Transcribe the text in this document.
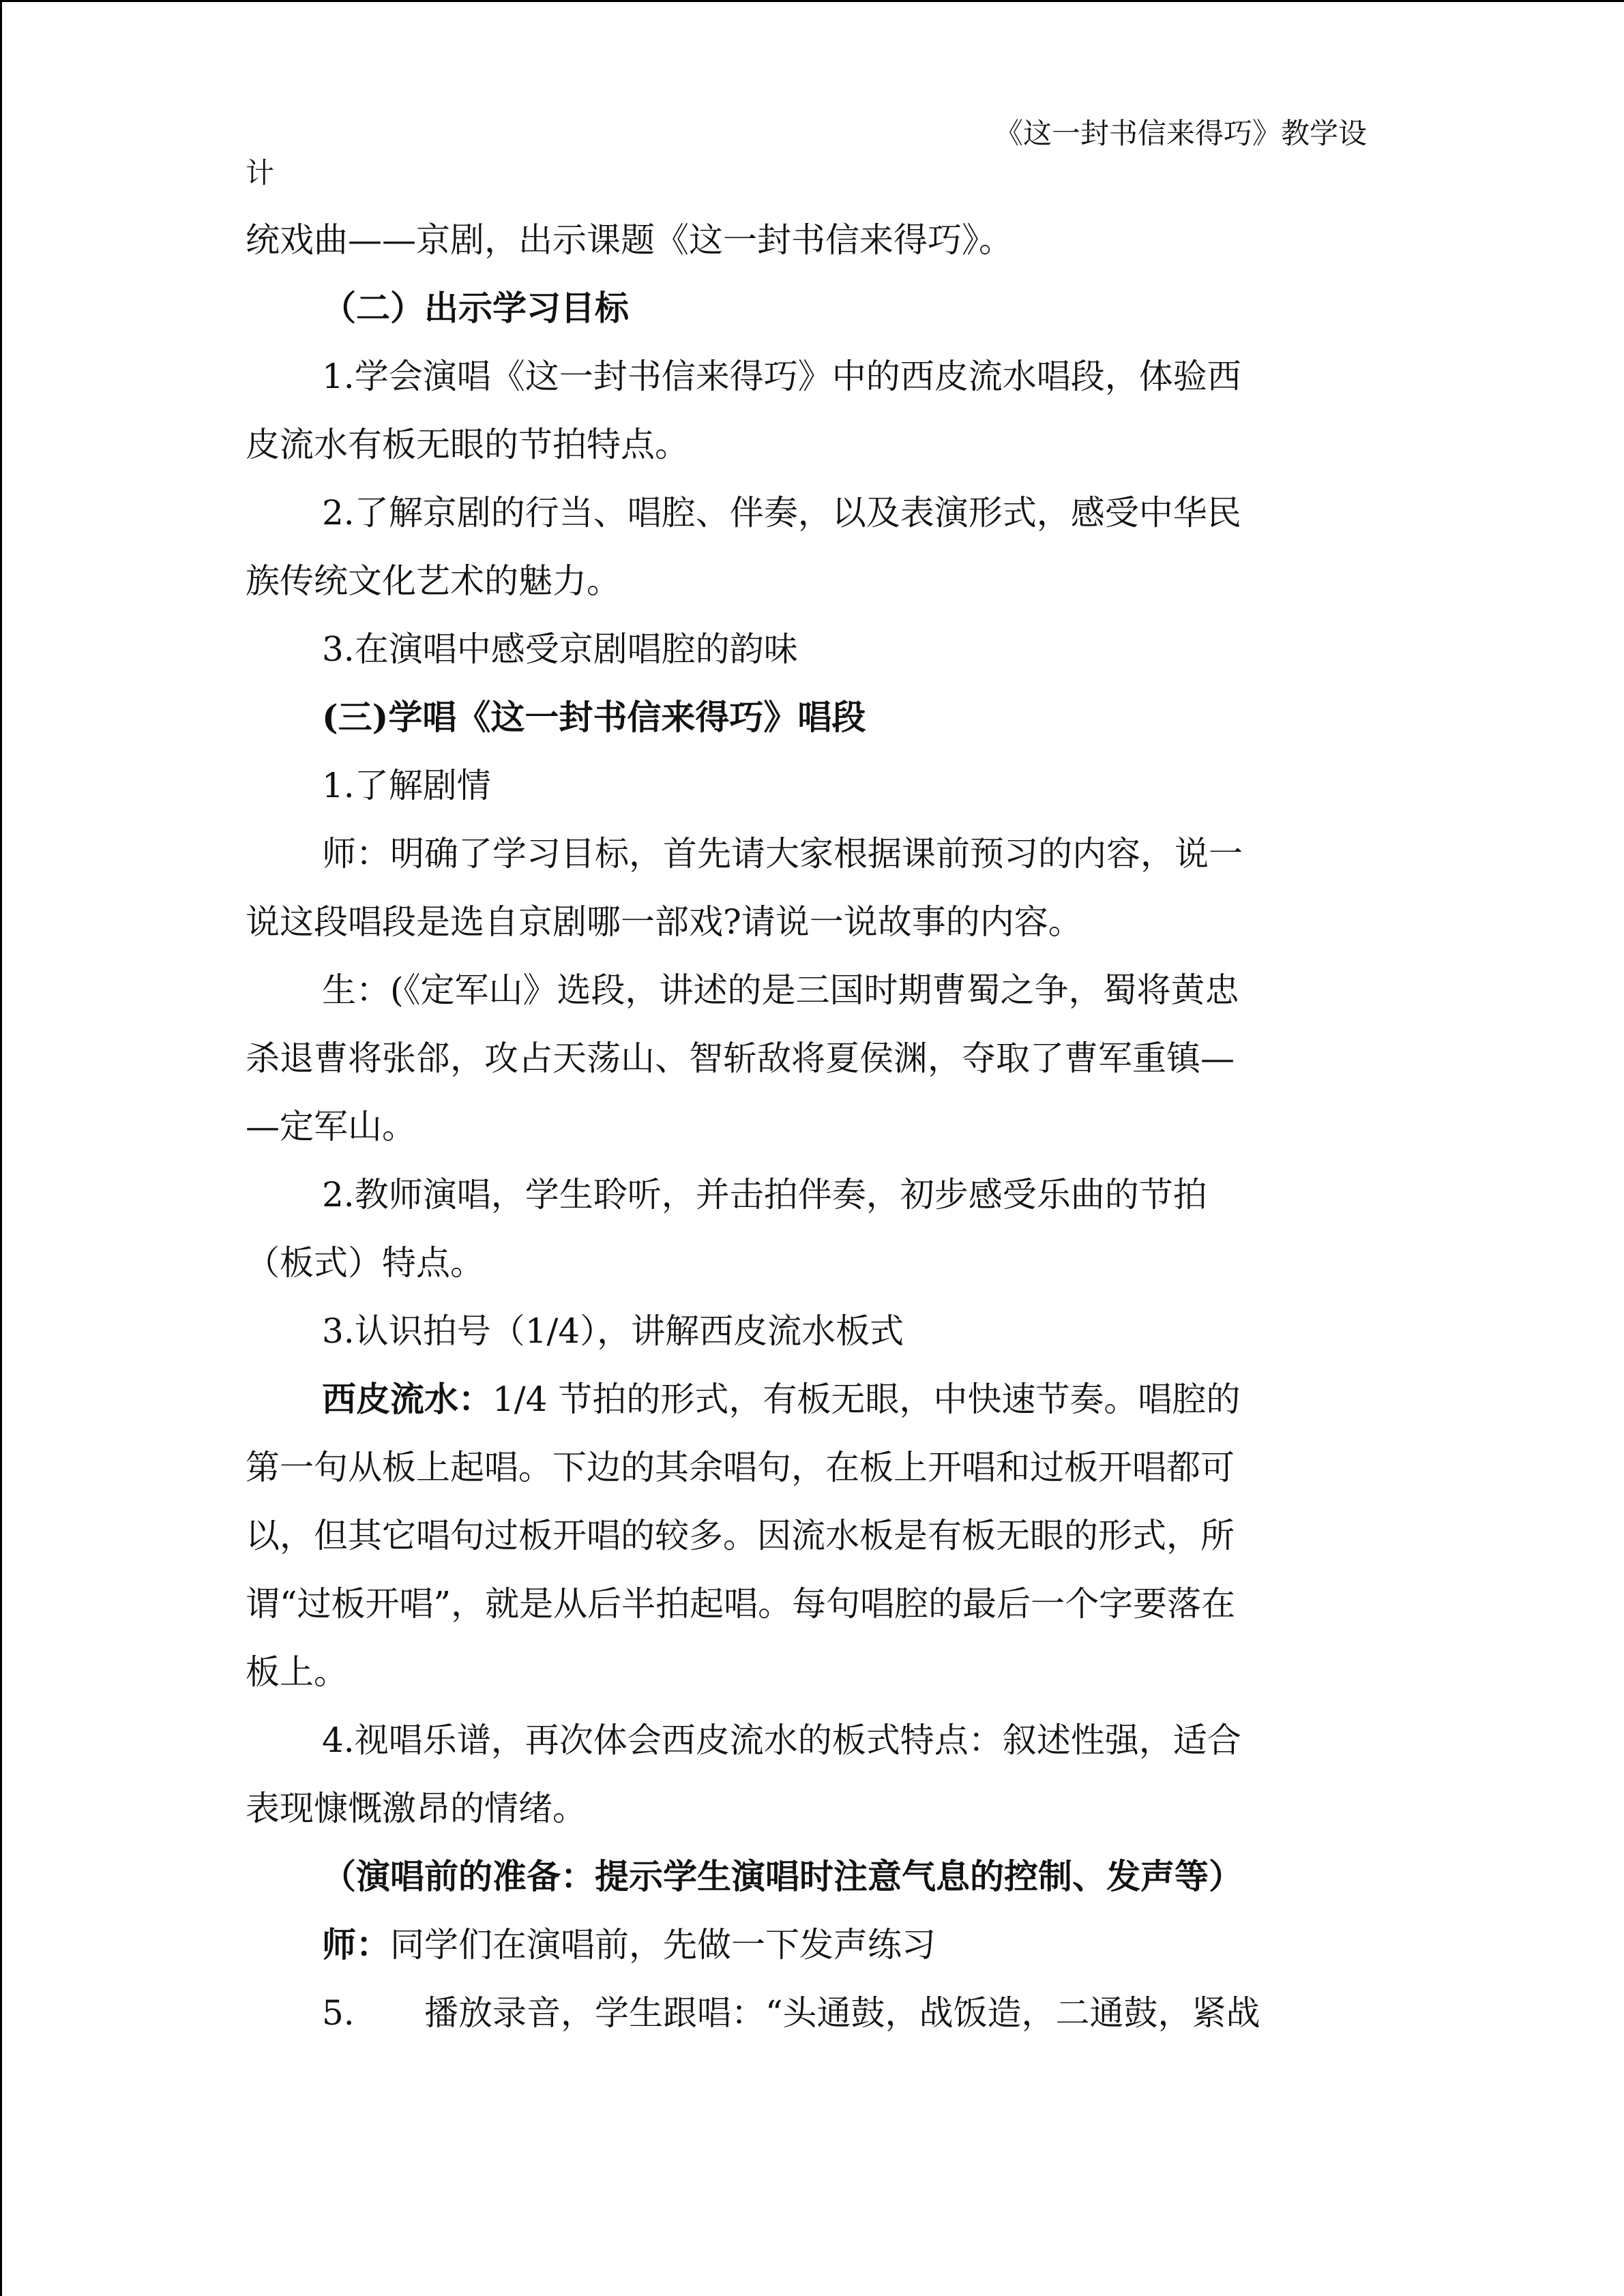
《这一封书信来得巧》教学设
计
统戏曲——京剧，出示课题《这一封书信来得巧》。
（二）出示学习目标
1.学会演唱《这一封书信来得巧》中的西皮流水唱段，体验西
皮流水有板无眼的节拍特点。
2.了解京剧的行当、唱腔、伴奏，以及表演形式，感受中华民
族传统文化艺术的魅力。
3.在演唱中感受京剧唱腔的韵味
(三)学唱《这一封书信来得巧》唱段
1.了解剧情
师：明确了学习目标，首先请大家根据课前预习的内容，说一
说这段唱段是选自京剧哪一部戏?请说一说故事的内容。
生：(《定军山》选段，讲述的是三国时期曹蜀之争，蜀将黄忠
杀退曹将张郃，攻占天荡山、智斩敌将夏侯渊，夺取了曹军重镇—
—定军山。
2.教师演唱，学生聆听，并击拍伴奏，初步感受乐曲的节拍
（板式）特点。
3.认识拍号（1/4），讲解西皮流水板式
西皮流水：1/4 节拍的形式，有板无眼，中快速节奏。唱腔的
第一句从板上起唱。下边的其余唱句，在板上开唱和过板开唱都可
以，但其它唱句过板开唱的较多。因流水板是有板无眼的形式，所
谓“过板开唱”，就是从后半拍起唱。每句唱腔的最后一个字要落在
板上。
4.视唱乐谱，再次体会西皮流水的板式特点：叙述性强，适合
表现慷慨激昂的情绪。
（演唱前的准备：提示学生演唱时注意气息的控制、发声等）
师：同学们在演唱前，先做一下发声练习
5. 播放录音，学生跟唱：“头通鼓，战饭造，二通鼓，紧战
